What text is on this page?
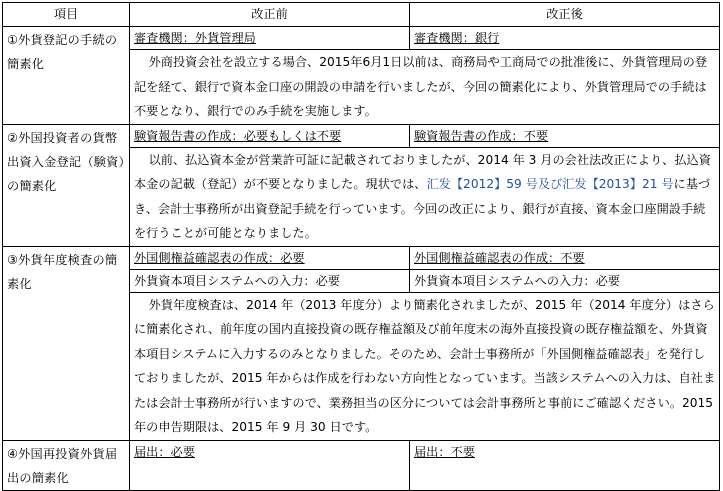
項目	改正前	改正後
①外貨登記の手続の簡素化	審査機関：外貨管理局	審査機関：銀行
	外商投資会社を設立する場合、2015年6月1日以前は、商務局や工商局での批准後に、外貨管理局の登記を経て、銀行で資本金口座の開設の申請を行いましたが、今回の簡素化により、外貨管理局での手続は不要となり、銀行でのみ手続を実施します。	
②外国投資者の貨幣出資入金登記（験資）の簡素化	験資報告書の作成：必要もしくは不要	験資報告書の作成：不要
	以前、払込資本金が営業許可証に記載されておりましたが、2014 年 3 月の会社法改正により、払込資本金の記載（登記）が不要となりました。現状では、汇发【2012】59 号及び汇发【2013】21 号に基づき、会計士事務所が出資登記手続を行っています。今回の改正により、銀行が直接、資本金口座開設手続を行うことが可能となりました。	
③外貨年度検査の簡素化	外国側権益確認表の作成：必要	外国側権益確認表の作成：不要
	外貨資本項目システムへの入力：必要	外貨資本項目システムへの入力：必要
	外貨年度検査は、2014 年（2013 年度分）より簡素化されましたが、2015 年（2014 年度分）はさらに簡素化され、前年度の国内直接投資の既存権益額及び前年度末の海外直接投資の既存権益額を、外貨資本項目システムに入力するのみとなりました。そのため、会計士事務所が「外国側権益確認表」を発行しておりましたが、2015 年からは作成を行わない方向性となっています。当該システムへの入力は、自社または会計士事務所が行いますので、業務担当の区分については会計事務所と事前にご確認ください。2015 年の申告期限は、2015 年 9 月 30 日です。	
④外国再投資外貨届出の簡素化	届出：必要	届出：不要
